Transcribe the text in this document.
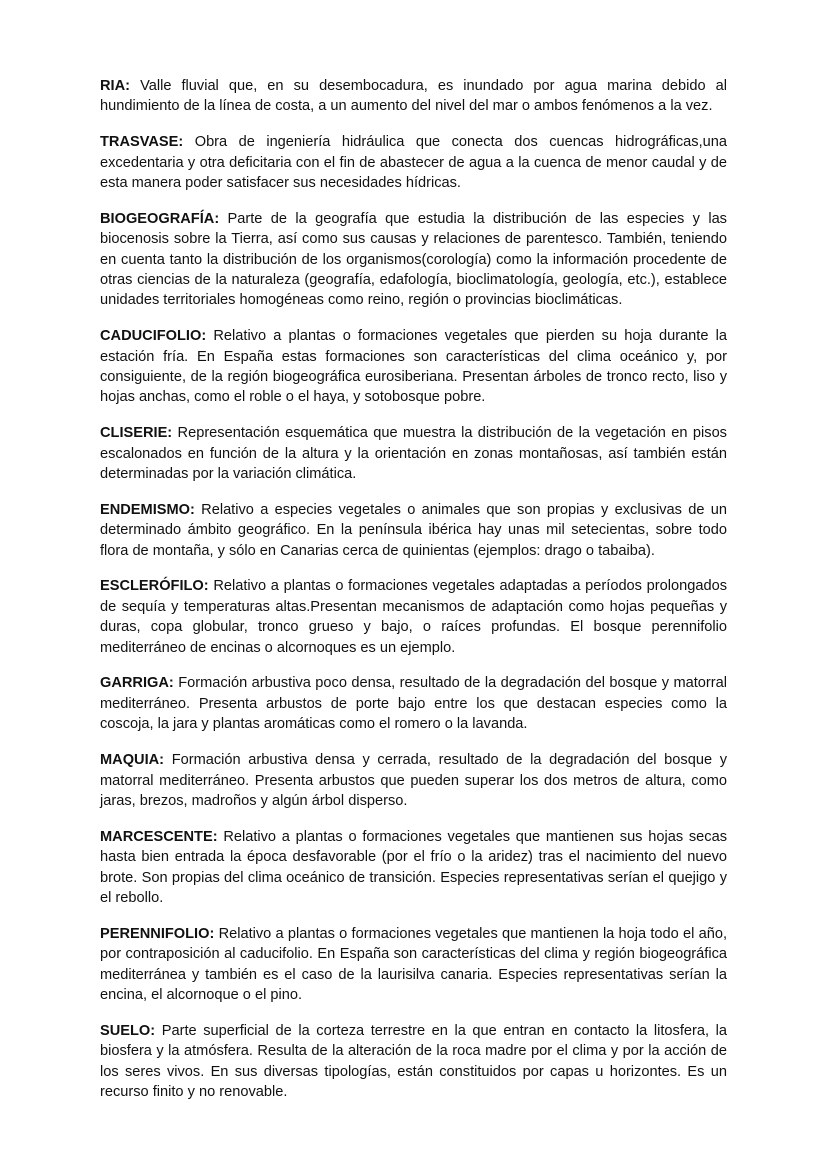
RIA: Valle fluvial que, en su desembocadura, es inundado por agua marina debido al hundimiento de la línea de costa, a un aumento del nivel del mar o ambos fenómenos a la vez.

TRASVASE: Obra de ingeniería hidráulica que conecta dos cuencas hidrográficas,una excedentaria y otra deficitaria con el fin de abastecer de agua a la cuenca de menor caudal y de esta manera poder satisfacer sus necesidades hídricas.

BIOGEOGRAFÍA: Parte de la geografía que estudia la distribución de las especies y las biocenosis sobre la Tierra, así como sus causas y relaciones de parentesco. También, teniendo en cuenta tanto la distribución de los organismos(corología) como la información procedente de otras ciencias de la naturaleza (geografía, edafología, bioclimatología, geología, etc.), establece unidades territoriales homogéneas como reino, región o provincias bioclimáticas.

CADUCIFOLIO: Relativo a plantas o formaciones vegetales que pierden su hoja durante la estación fría. En España estas formaciones son características del clima oceánico y, por consiguiente, de la región biogeográfica eurosiberiana. Presentan árboles de tronco recto, liso y hojas anchas, como el roble o el haya, y sotobosque pobre.

CLISERIE: Representación esquemática que muestra la distribución de la vegetación en pisos escalonados en función de la altura y la orientación en zonas montañosas, así también están determinadas por la variación climática.

ENDEMISMO: Relativo a especies vegetales o animales que son propias y exclusivas de un determinado ámbito geográfico. En la península ibérica hay unas mil setecientas, sobre todo flora de montaña, y sólo en Canarias cerca de quinientas (ejemplos: drago o tabaiba).

ESCLERÓFILO: Relativo a plantas o formaciones vegetales adaptadas a períodos prolongados de sequía y temperaturas altas.Presentan mecanismos de adaptación como hojas pequeñas y duras, copa globular, tronco grueso y bajo, o raíces profundas. El bosque perennifolio mediterráneo de encinas o alcornoques es un ejemplo.

GARRIGA: Formación arbustiva poco densa, resultado de la degradación del bosque y matorral mediterráneo. Presenta arbustos de porte bajo entre los que destacan especies como la coscoja, la jara y plantas aromáticas como el romero o la lavanda.

MAQUIA: Formación arbustiva densa y cerrada, resultado de la degradación del bosque y matorral mediterráneo. Presenta arbustos que pueden superar los dos metros de altura, como jaras, brezos, madroños y algún árbol disperso.

MARCESCENTE: Relativo a plantas o formaciones vegetales que mantienen sus hojas secas hasta bien entrada la época desfavorable (por el frío o la aridez) tras el nacimiento del nuevo brote. Son propias del clima oceánico de transición. Especies representativas serían el quejigo y el rebollo.

PERENNIFOLIO: Relativo a plantas o formaciones vegetales que mantienen la hoja todo el año, por contraposición al caducifolio. En España son características del clima y región biogeográfica mediterránea y también es el caso de la laurisilva canaria. Especies representativas serían la encina, el alcornoque o el pino.

SUELO: Parte superficial de la corteza terrestre en la que entran en contacto la litosfera, la biosfera y la atmósfera. Resulta de la alteración de la roca madre por el clima y por la acción de los seres vivos. En sus diversas tipologías, están constituidos por capas u horizontes. Es un recurso finito y no renovable.
